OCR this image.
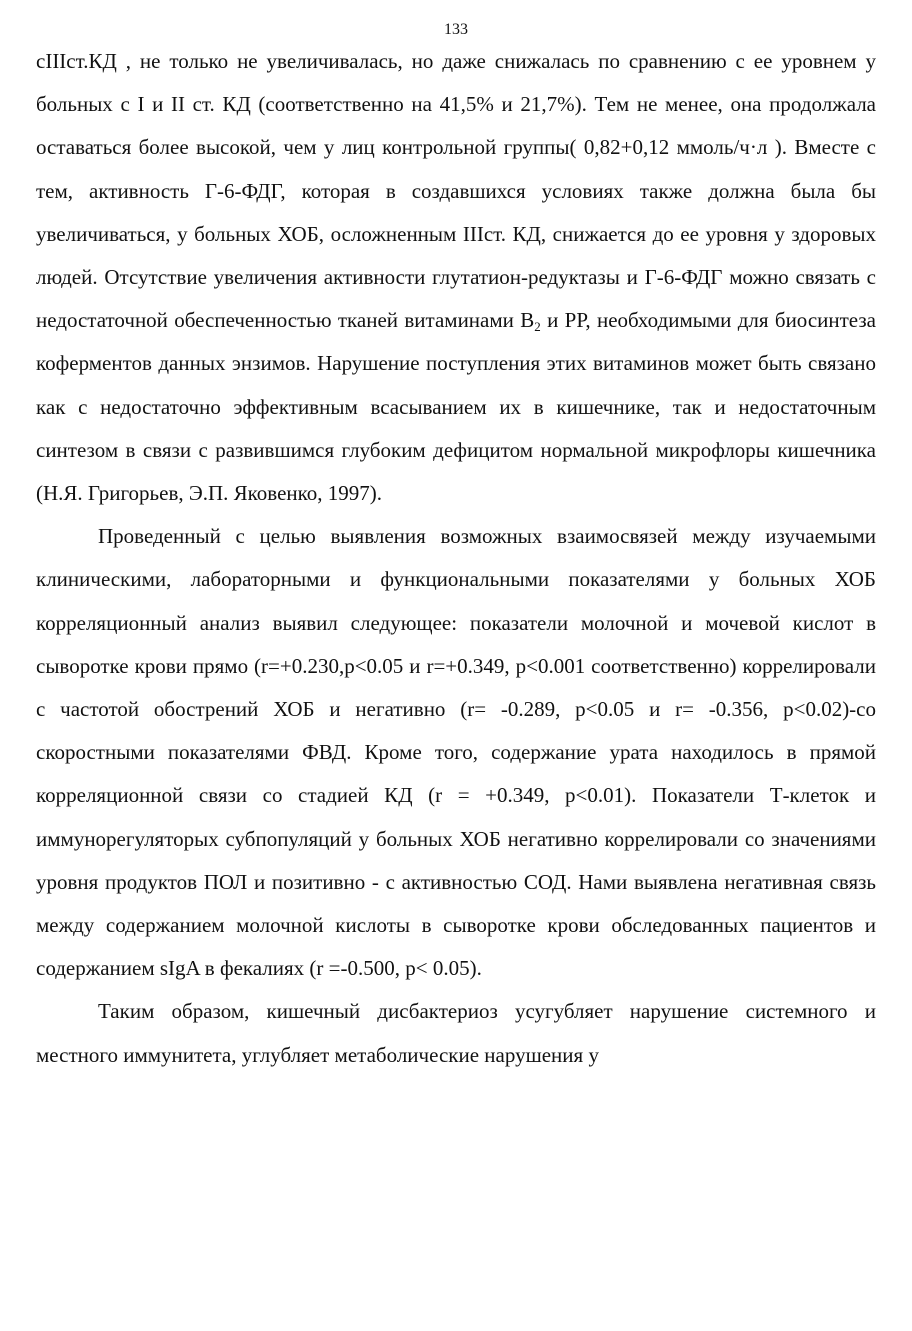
133

cIIIст.КД , не только не увеличивалась, но даже снижалась по сравнению с ее уровнем у больных с I и II ст. КД (соответственно на 41,5% и 21,7%). Тем не менее, она продолжала оставаться более высокой, чем у лиц контрольной группы( 0,82+0,12 ммоль/ч·л ). Вместе с тем, активность Г-6-ФДГ, которая в создавшихся условиях также должна была бы увеличиваться, у больных ХОБ, осложненным IIIст. КД, снижается до ее уровня у здоровых людей. Отсутствие увеличения активности глутатион-редуктазы и Г-6-ФДГ можно связать с недостаточной обеспеченностью тканей витаминами $В_2$ и РР, необходимыми для биосинтеза коферментов данных энзимов. Нарушение поступления этих витаминов может быть связано как с недостаточно эффективным всасыванием их в кишечнике, так и недостаточным синтезом в связи с развившимся глубоким дефицитом нормальной микрофлоры кишечника (Н.Я. Григорьев, Э.П. Яковенко, 1997).

Проведенный с целью выявления возможных взаимосвязей между изучаемыми клиническими, лабораторными и функциональными показателями у больных ХОБ корреляционный анализ выявил следующее: показатели молочной и мочевой кислот в сыворотке крови прямо (r=+0.230,p<0.05 и r=+0.349, p<0.001 соответственно) коррелировали с частотой обострений ХОБ и негативно (r= -0.289, p<0.05 и r= -0.356, p<0.02)-со скоростными показателями ФВД. Кроме того, содержание урата находилось в прямой корреляционной связи со стадией КД (r = +0.349, p<0.01). Показатели Т-клеток и иммунорегуляторых субпопуляций у больных ХОБ негативно коррелировали со значениями уровня продуктов ПОЛ и позитивно - с активностью СОД. Нами выявлена негативная связь между содержанием молочной кислоты в сыворотке крови обследованных пациентов и содержанием sIgA в фекалиях (r =-0.500, p< 0.05).

Таким образом, кишечный дисбактериоз усугубляет нарушение системного и местного иммунитета, углубляет метаболические нарушения у
